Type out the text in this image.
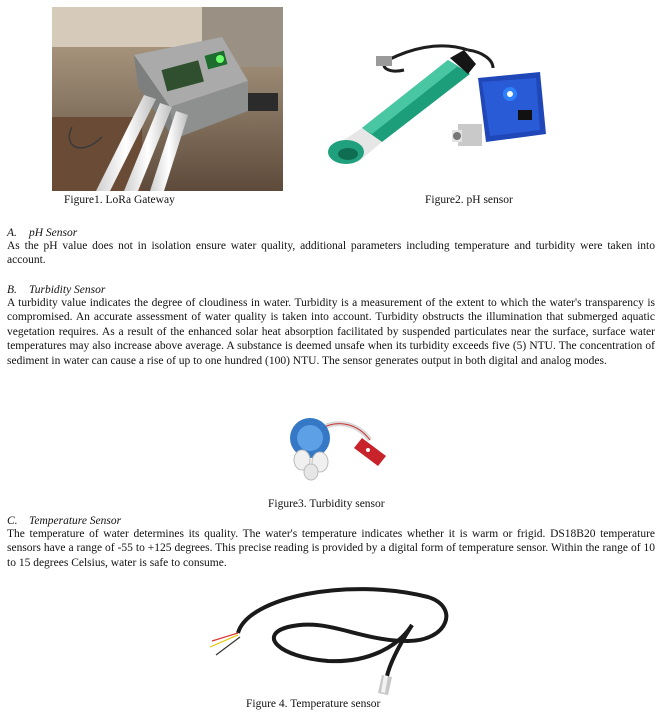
Figure1. LoRa Gateway	Figure2. pH sensor
A. pH Sensor
As the pH value does not in isolation ensure water quality, additional parameters including temperature and turbidity were taken into account.
B. Turbidity Sensor
A turbidity value indicates the degree of cloudiness in water. Turbidity is a measurement of the extent to which the water's transparency is compromised. An accurate assessment of water quality is taken into account. Turbidity obstructs the illumination that submerged aquatic vegetation requires. As a result of the enhanced solar heat absorption facilitated by suspended particulates near the surface, surface water temperatures may also increase above average. A substance is deemed unsafe when its turbidity exceeds five (5) NTU. The concentration of sediment in water can cause a rise of up to one hundred (100) NTU. The sensor generates output in both digital and analog modes.
Figure3. Turbidity sensor
C. Temperature Sensor
The temperature of water determines its quality. The water's temperature indicates whether it is warm or frigid. DS18B20 temperature sensors have a range of -55 to +125 degrees. This precise reading is provided by a digital form of temperature sensor. Within the range of 10 to 15 degrees Celsius, water is safe to consume.
Figure 4. Temperature sensor
